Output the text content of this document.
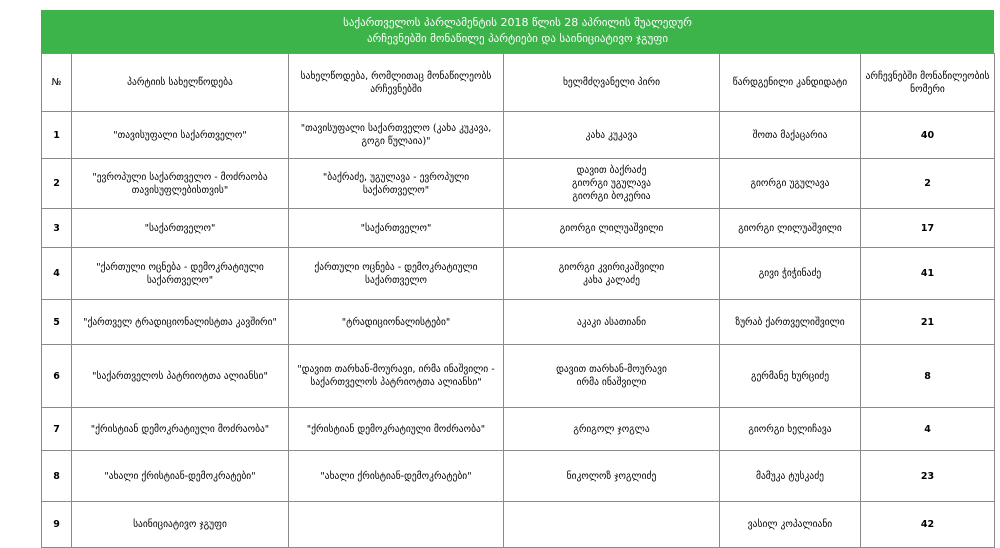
საქართველოს პარლამენტის 2018 წლის 28 აპრილის შუალედურ
არჩევნებში მონაწილე პარტიები და საინიციატივო ჯგუფი
№	პარტიის სახელწოდება	სახელწოდება, რომლითაც მონაწილეობს არჩევნებში	ხელმძღვანელი პირი	წარდგენილი კანდიდატი	არჩევნებში მონაწილეობის ნომერი

1	"თავისუფალი საქართველო"	"თავისუფალი საქართველო (კახა კუკავა,
გოგი წულაია)"	კახა კუკავა	შოთა მაქაცარია	40

2	"ევროპული საქართველო - მოძრაობა
თავისუფლებისთვის"	"ბაქრაძე, უგულავა - ევროპული
საქართველო"	დავით ბაქრაძე
გიორგი უგულავა
გიორგი ბოკერია	გიორგი უგულავა	2

3	"საქართველო"	"საქართველო"	გიორგი ლილუაშვილი	გიორგი ლილუაშვილი	17

4	"ქართული ოცნება - დემოკრატიული
საქართველო"	ქართული ოცნება - დემოკრატიული
საქართველო	გიორგი კვირიკაშვილი
კახა კალაძე	გივი ჭიჭინაძე	41

5	"ქართველ ტრადიციონალისტთა კავშირი"	"ტრადიციონალისტები"	აკაკი ასათიანი	ზურაბ ქართველიშვილი	21

6	"საქართველოს პატრიოტთა ალიანსი"	"დავით თარხან-მოურავი, ირმა ინაშვილი -
საქართველოს პატრიოტთა ალიანსი"	დავით თარხან-მოურავი
ირმა ინაშვილი	გერმანე ხურციძე	8

7	"ქრისტიან დემოკრატიული მოძრაობა"	"ქრისტიან დემოკრატიული მოძრაობა"	გრიგოლ ჯოგლა	გიორგი ხელიჩავა	4

8	"ახალი ქრისტიან-დემოკრატები"	"ახალი ქრისტიან-დემოკრატები"	ნიკოლოზ ჯოგლიძე	მამუკა ტუსკაძე	23

9	საინიციატივო ჯგუფი			ვასილ კოპალიანი	42
